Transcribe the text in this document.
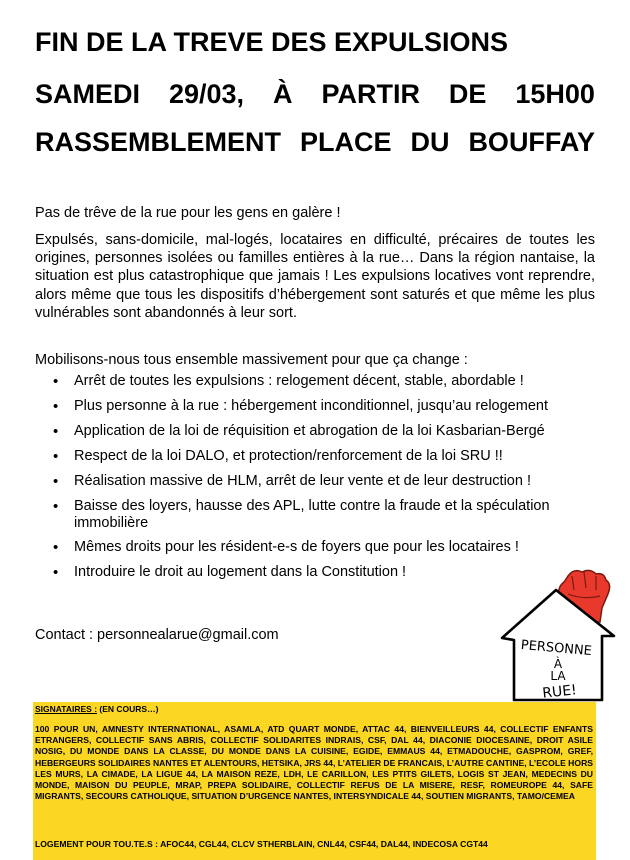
FIN DE LA TREVE DES EXPULSIONS
SAMEDI 29/03, À PARTIR DE 15H00
RASSEMBLEMENT PLACE DU BOUFFAY
Pas de trêve de la rue pour les gens en galère !
Expulsés, sans-domicile, mal-logés, locataires en difficulté, précaires de toutes les origines, personnes isolées ou familles entières à la rue… Dans la région nantaise, la situation est plus catastrophique que jamais ! Les expulsions locatives vont reprendre, alors même que tous les dispositifs d’hébergement sont saturés et que même les plus vulnérables sont abandonnés à leur sort.
Mobilisons-nous tous ensemble massivement pour que ça change :
• Arrêt de toutes les expulsions : relogement décent, stable, abordable !
• Plus personne à la rue : hébergement inconditionnel, jusqu’au relogement
• Application de la loi de réquisition et abrogation de la loi Kasbarian-Bergé
• Respect de la loi DALO, et protection/renforcement de la loi SRU !!
• Réalisation massive de HLM, arrêt de leur vente et de leur destruction !
• Baisse des loyers, hausse des APL, lutte contre la fraude et la spéculation immobilière
• Mêmes droits pour les résident-e-s de foyers que pour les locataires !
• Introduire le droit au logement dans la Constitution !
Contact : personnealarue@gmail.com
PERSONNE
À
LA
RUE!
SIGNATAIRES : (EN COURS…)
100 POUR UN, AMNESTY INTERNATIONAL, ASAMLA, ATD QUART MONDE, ATTAC 44, BIENVEILLEURS 44, COLLECTIF ENFANTS ETRANGERS, COLLECTIF SANS ABRIS, COLLECTIF SOLIDARITES INDRAIS, CSF, DAL 44, DIACONIE DIOCESAINE, DROIT ASILE NOSIG, DU MONDE DANS LA CLASSE, DU MONDE DANS LA CUISINE, EGIDE, EMMAUS 44, ETMADOUCHE, GASPROM, GREF, HEBERGEURS SOLIDAIRES NANTES ET ALENTOURS, HETSIKA, JRS 44, L’ATELIER DE FRANCAIS, L’AUTRE CANTINE, L’ECOLE HORS LES MURS, LA CIMADE, LA LIGUE 44, LA MAISON REZE, LDH, LE CARILLON, LES PTITS GILETS, LOGIS ST JEAN, MEDECINS DU MONDE, MAISON DU PEUPLE, MRAP, PREPA SOLIDAIRE, COLLECTIF REFUS DE LA MISERE, RESF, ROMEUROPE 44, SAFE MIGRANTS, SECOURS CATHOLIQUE, SITUATION D’URGENCE NANTES, INTERSYNDICALE 44, SOUTIEN MIGRANTS, TAMO/CEMEA
LOGEMENT POUR TOU.TE.S : AFOC44, CGL44, CLCV STHERBLAIN, CNL44, CSF44, DAL44, INDECOSA CGT44
